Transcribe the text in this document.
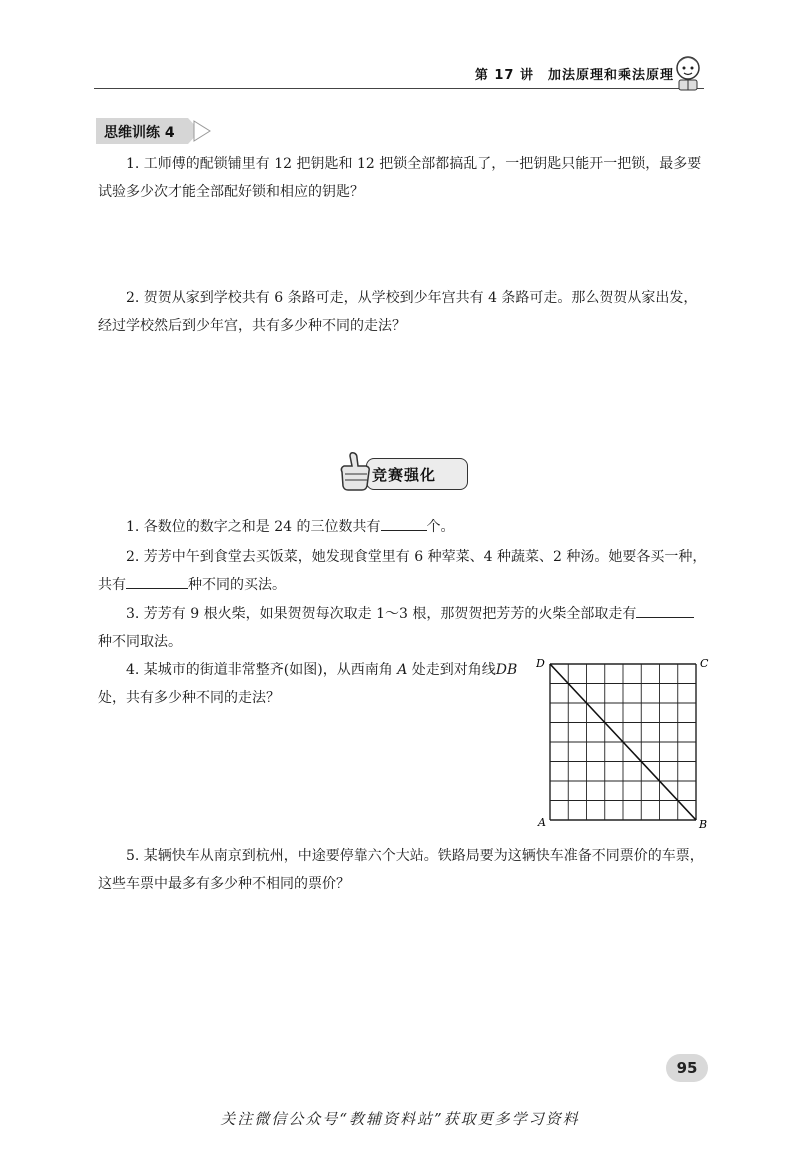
第 17 讲　加法原理和乘法原理
思维训练 4
1. 工师傅的配锁铺里有 12 把钥匙和 12 把锁全部都搞乱了，一把钥匙只能开一把锁，最多要试验多少次才能全部配好锁和相应的钥匙？
2. 贺贺从家到学校共有 6 条路可走，从学校到少年宫共有 4 条路可走。那么贺贺从家出发，经过学校然后到少年宫，共有多少种不同的走法？
竞赛强化
1. 各数位的数字之和是 24 的三位数共有	个。
2. 芳芳中午到食堂去买饭菜，她发现食堂里有 6 种荤菜、4 种蔬菜、2 种汤。她要各买一种，共有	种不同的买法。
3. 芳芳有 9 根火柴，如果贺贺每次取走 1～3 根，那贺贺把芳芳的火柴全部取走有种不同取法。
4. 某城市的街道非常整齐(如图)，从西南角 A 处走到对角线DB 处，共有多少种不同的走法？
D	C
A	B
5. 某辆快车从南京到杭州，中途要停靠六个大站。铁路局要为这辆快车准备不同票价的车票，这些车票中最多有多少种不相同的票价？
95
关注微信公众号“教辅资料站”获取更多学习资料
